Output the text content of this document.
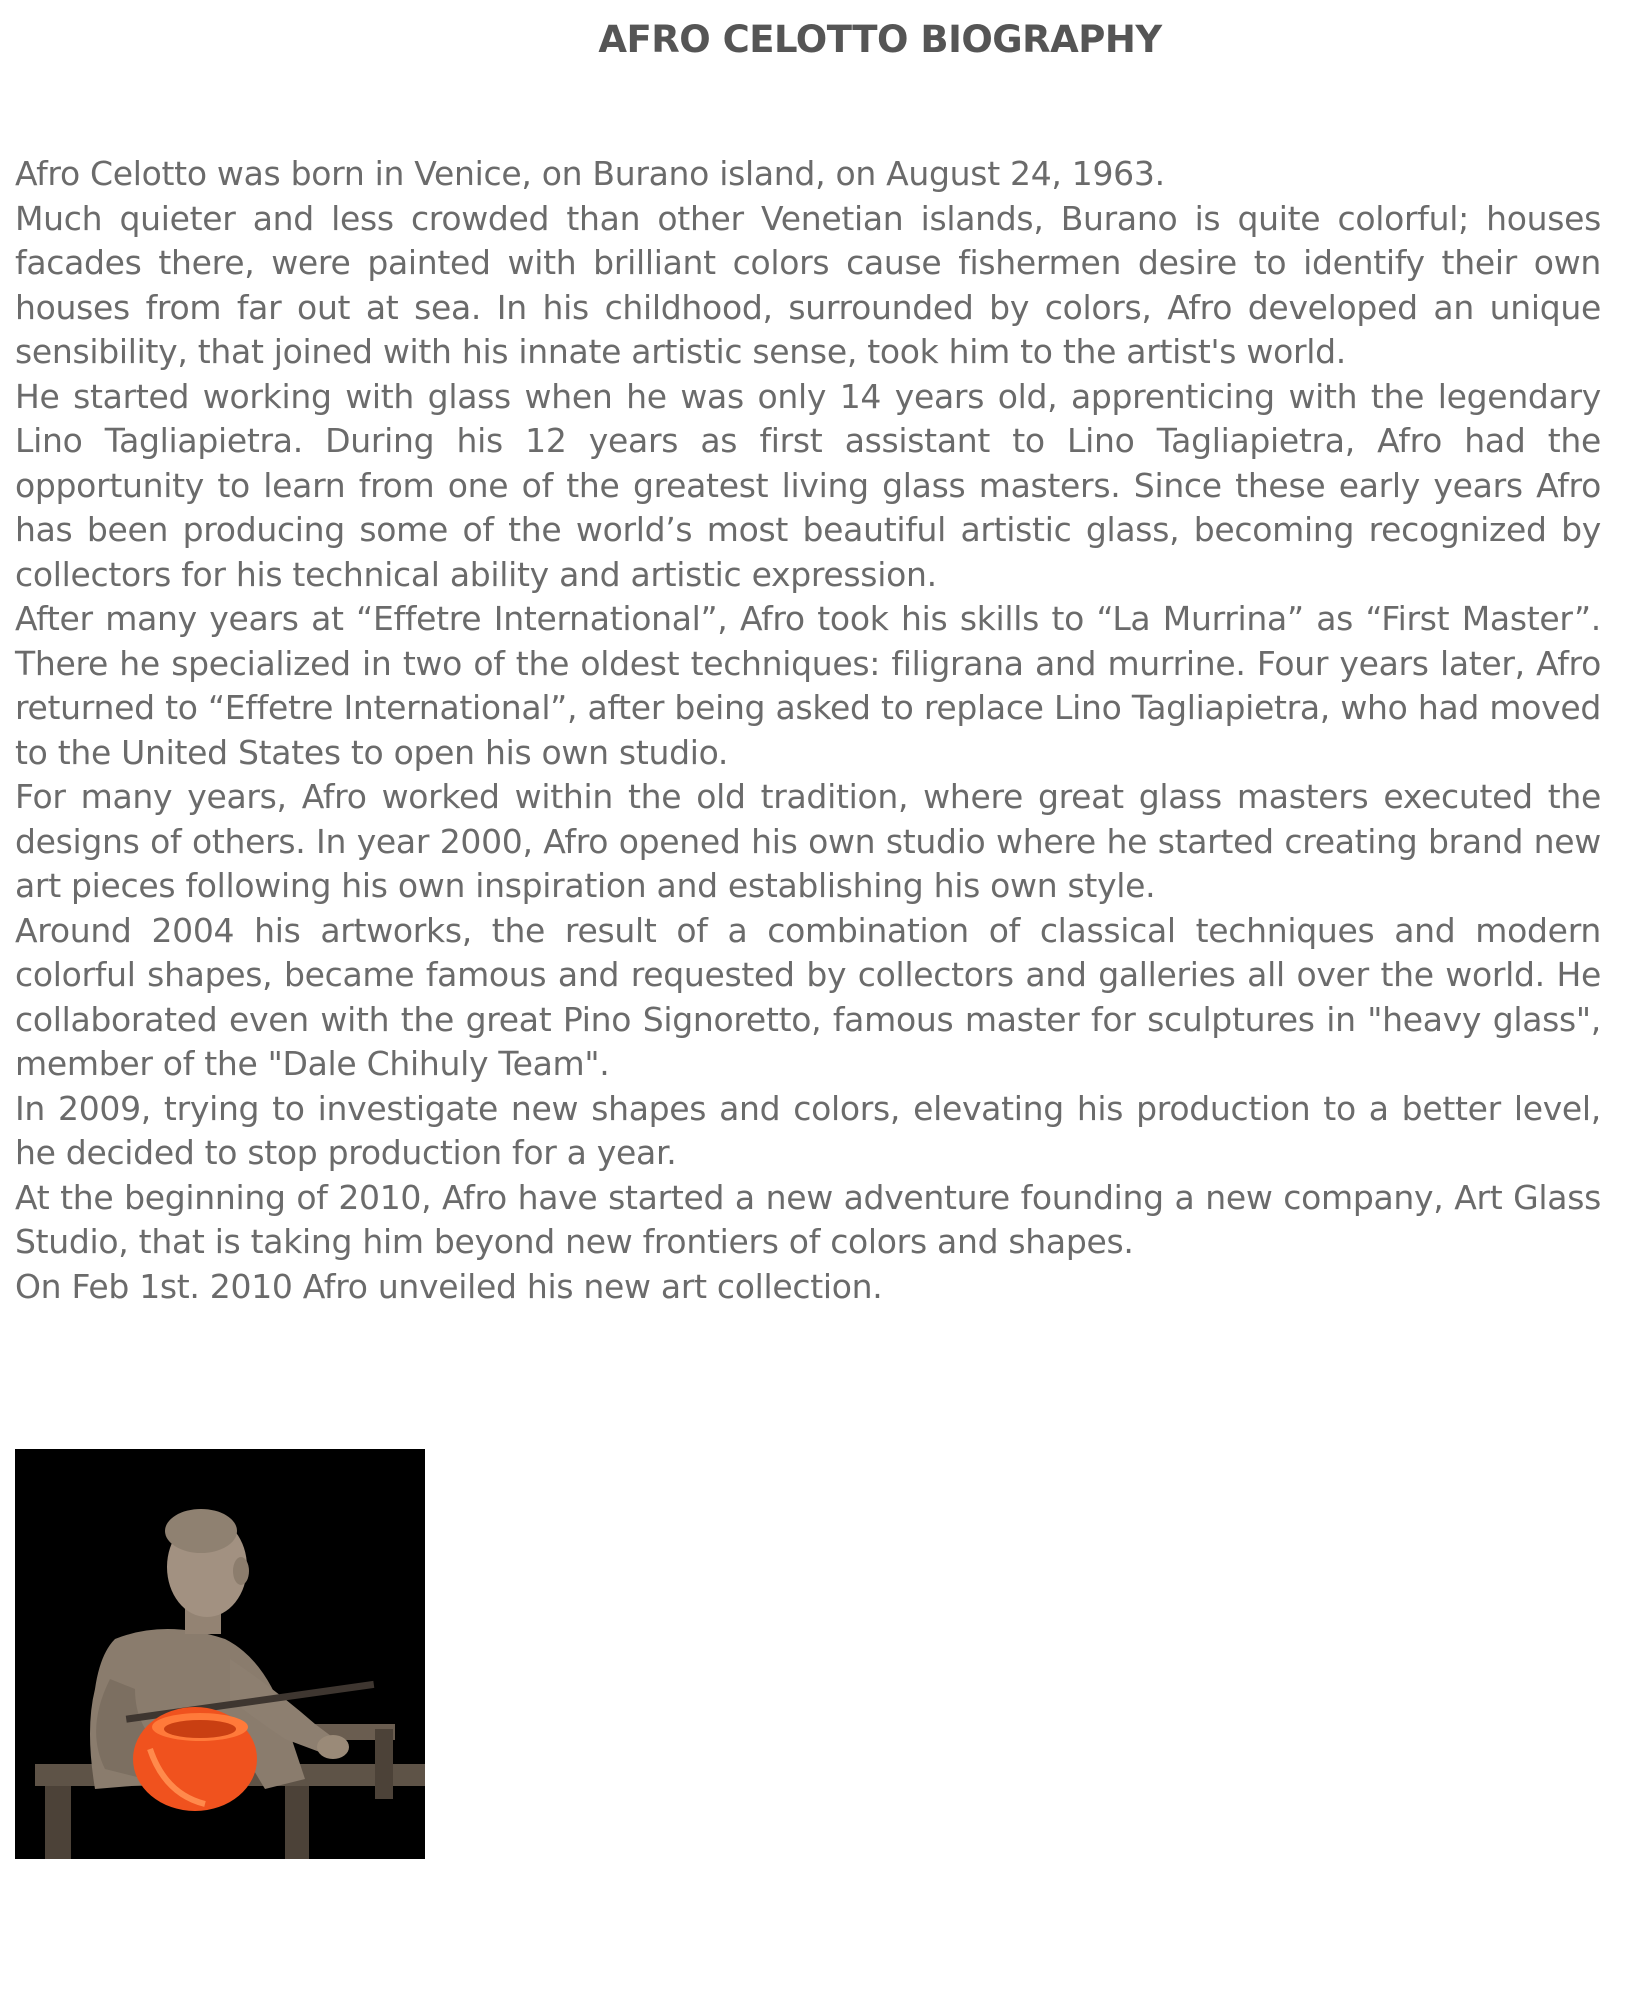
AFRO CELOTTO BIOGRAPHY

Afro Celotto was born in Venice, on Burano island, on August 24, 1963.

Much quieter and less crowded than other Venetian islands, Burano is quite colorful; houses facades there, were painted with brilliant colors cause fishermen desire to identify their own houses from far out at sea. In his childhood, surrounded by colors, Afro developed an unique sensibility, that joined with his innate artistic sense, took him to the artist's world.

He started working with glass when he was only 14 years old, apprenticing with the legendary Lino Tagliapietra. During his 12 years as first assistant to Lino Tagliapietra, Afro had the opportunity to learn from one of the greatest living glass masters. Since these early years Afro has been producing some of the world’s most beautiful artistic glass, becoming recognized by collectors for his technical ability and artistic expression.

After many years at “Effetre International”, Afro took his skills to “La Murrina” as “First Master”. There he specialized in two of the oldest techniques: filigrana and murrine. Four years later, Afro returned to “Effetre International”, after being asked to replace Lino Tagliapietra, who had moved to the United States to open his own studio.

For many years, Afro worked within the old tradition, where great glass masters executed the designs of others. In year 2000, Afro opened his own studio where he started creating brand new art pieces following his own inspiration and establishing his own style.

Around 2004 his artworks, the result of a combination of classical techniques and modern colorful shapes, became famous and requested by collectors and galleries all over the world. He collaborated even with the great Pino Signoretto, famous master for sculptures in "heavy glass", member of the "Dale Chihuly Team".

In 2009, trying to investigate new shapes and colors, elevating his production to a better level, he decided to stop production for a year.

At the beginning of 2010, Afro have started a new adventure founding a new company, Art Glass Studio, that is taking him beyond new frontiers of colors and shapes.

On Feb 1st. 2010 Afro unveiled his new art collection.
